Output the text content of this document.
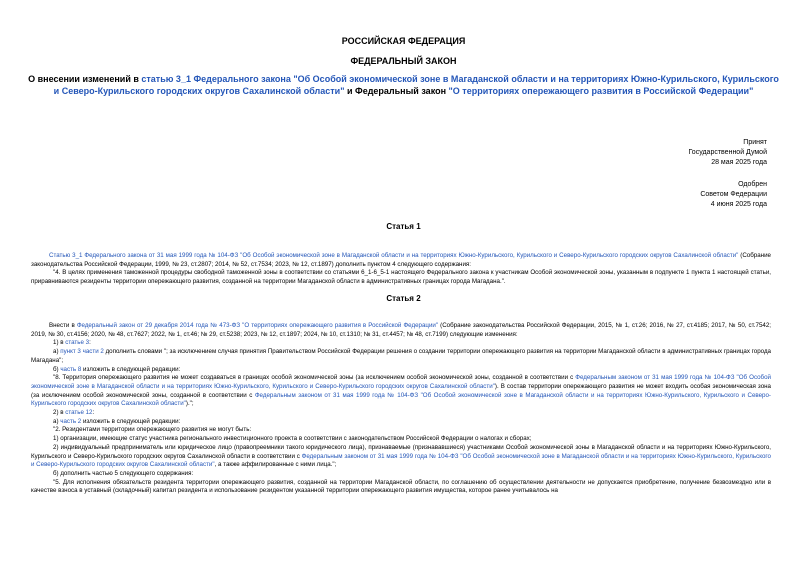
РОССИЙСКАЯ ФЕДЕРАЦИЯ
ФЕДЕРАЛЬНЫЙ ЗАКОН
О внесении изменений в статью 3_1 Федерального закона "Об Особой экономической зоне в Магаданской области и на территориях Южно-Курильского, Курильского и Северо-Курильского городских округов Сахалинской области" и Федеральный закон "О территориях опережающего развития в Российской Федерации"
Принят
Государственной Думой
28 мая 2025 года
Одобрен
Советом Федерации
4 июня 2025 года
Статья 1

Статью 3_1 Федерального закона от 31 мая 1999 года № 104-ФЗ "Об Особой экономической зоне в Магаданской области и на территориях Южно-Курильского, Курильского и Северо-Курильского городских округов Сахалинской области" (Собрание законодательства Российской Федерации, 1999, № 23, ст.2807; 2014, № 52, ст.7534; 2023, № 12, ст.1897) дополнить пунктом 4 следующего содержания:

"4. В целях применения таможенной процедуры свободной таможенной зоны в соответствии со статьями 6_1-6_5-1 настоящего Федерального закона к участникам Особой экономической зоны, указанным в подпункте 1 пункта 1 настоящей статьи, приравниваются резиденты территории опережающего развития, созданной на территории Магаданской области в административных границах города Магадана.".

Статья 2

Внести в Федеральный закон от 29 декабря 2014 года № 473-ФЗ "О территориях опережающего развития в Российской Федерации" (Собрание законодательства Российской Федерации, 2015, № 1, ст.26; 2016, № 27, ст.4185; 2017, № 50, ст.7542; 2019, № 30, ст.4156; 2020, № 48, ст.7627; 2022, № 1, ст.46; № 29, ст.5238; 2023, № 12, ст.1897; 2024, № 10, ст.1310; № 31, ст.4457; № 48, ст.7199) следующие изменения:

1) в статье 3:

а) пункт 3 части 2 дополнить словами "; за исключением случая принятия Правительством Российской Федерации решения о создании территории опережающего развития на территории Магаданской области в административных границах города Магадана";

б) часть 8 изложить в следующей редакции:

"8. Территория опережающего развития не может создаваться в границах особой экономической зоны (за исключением особой экономической зоны, созданной в соответствии с Федеральным законом от 31 мая 1999 года № 104-ФЗ "Об Особой экономической зоне в Магаданской области и на территориях Южно-Курильского, Курильского и Северо-Курильского городских округов Сахалинской области"). В состав территории опережающего развития не может входить особая экономическая зона (за исключением особой экономической зоны, созданной в соответствии с Федеральным законом от 31 мая 1999 года № 104-ФЗ "Об Особой экономической зоне в Магаданской области и на территориях Южно-Курильского, Курильского и Северо-Курильского городских округов Сахалинской области").";

2) в статье 12:

а) часть 2 изложить в следующей редакции:

"2. Резидентами территории опережающего развития не могут быть:

1) организации, имеющие статус участника регионального инвестиционного проекта в соответствии с законодательством Российской Федерации о налогах и сборах;

2) индивидуальный предприниматель или юридическое лицо (правопреемники такого юридического лица), признаваемые (признававшиеся) участниками Особой экономической зоны в Магаданской области и на территориях Южно-Курильского, Курильского и Северо-Курильского городских округов Сахалинской области в соответствии с Федеральным законом от 31 мая 1999 года № 104-ФЗ "Об Особой экономической зоне в Магаданской области и на территориях Южно-Курильского, Курильского и Северо-Курильского городских округов Сахалинской области", а также аффилированные с ними лица.";

б) дополнить частью 5 следующего содержания:

"5. Для исполнения обязательств резидента территории опережающего развития, созданной на территории Магаданской области, по соглашению об осуществлении деятельности не допускается приобретение, получение безвозмездно или в качестве взноса в уставный (складочный) капитал резидента и использование резидентом указанной территории опережающего развития имущества, которое ранее учитывалось на
